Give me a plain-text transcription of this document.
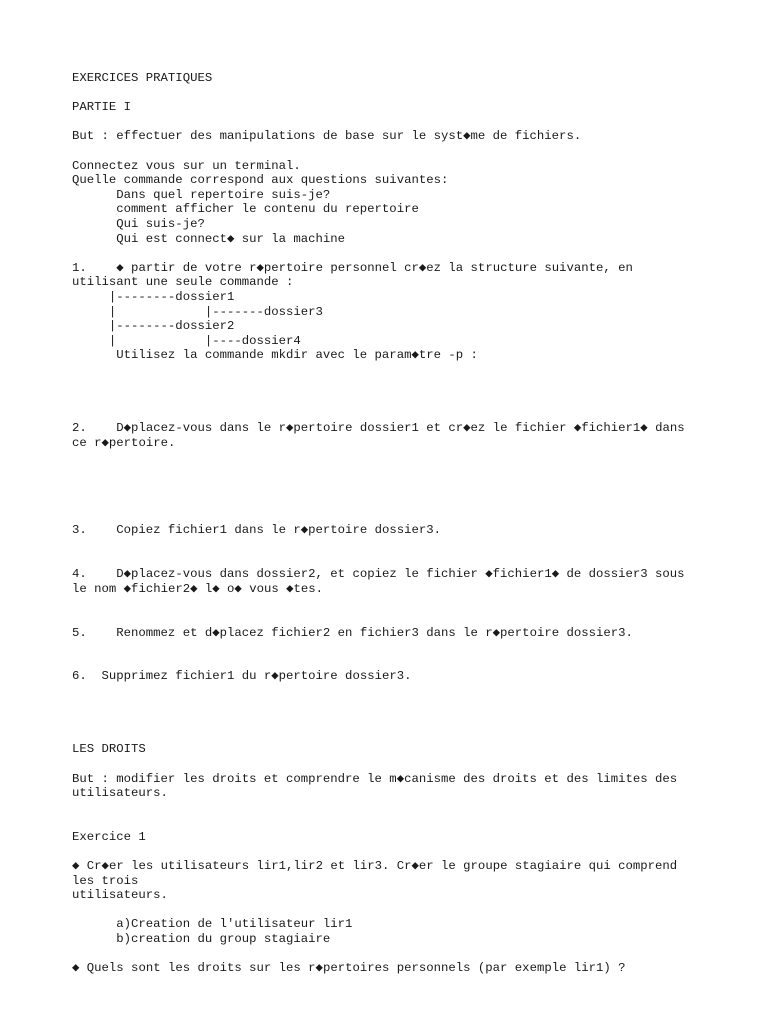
EXERCICES PRATIQUES
PARTIE I
But : effectuer des manipulations de base sur le syst◆me de fichiers.
Connectez vous sur un terminal.
Quelle commande correspond aux questions suivantes:
Dans quel repertoire suis-je?
comment afficher le contenu du repertoire
Qui suis-je?
Qui est connect◆ sur la machine
1.    ◆ partir de votre r◆pertoire personnel cr◆ez la structure suivante, en
utilisant une seule commande :
|--------dossier1
|            |-------dossier3
|--------dossier2
|            |----dossier4
Utilisez la commande mkdir avec le param◆tre -p :
2.    D◆placez-vous dans le r◆pertoire dossier1 et cr◆ez le fichier ◆fichier1◆ dans
ce r◆pertoire.
3.    Copiez fichier1 dans le r◆pertoire dossier3.
4.    D◆placez-vous dans dossier2, et copiez le fichier ◆fichier1◆ de dossier3 sous
le nom ◆fichier2◆ l◆ o◆ vous ◆tes.
5.    Renommez et d◆placez fichier2 en fichier3 dans le r◆pertoire dossier3.
6.  Supprimez fichier1 du r◆pertoire dossier3.
LES DROITS
But : modifier les droits et comprendre le m◆canisme des droits et des limites des
utilisateurs.
Exercice 1
◆ Cr◆er les utilisateurs lir1,lir2 et lir3. Cr◆er le groupe stagiaire qui comprend
les trois
utilisateurs.
a)Creation de l'utilisateur lir1
b)creation du group stagiaire
◆ Quels sont les droits sur les r◆pertoires personnels (par exemple lir1) ?
